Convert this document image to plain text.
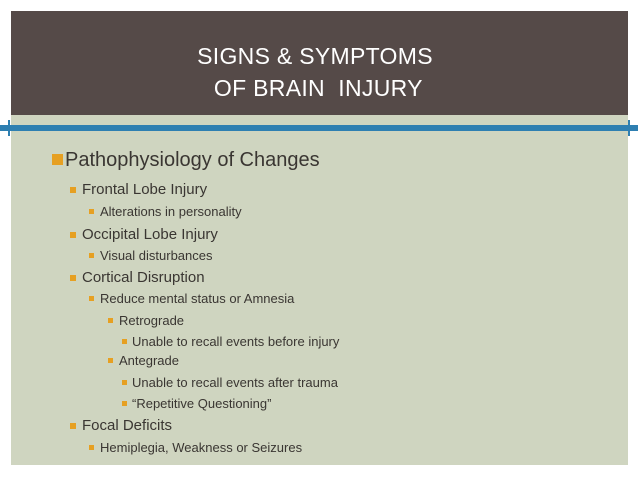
SIGNS & SYMPTOMS
OF BRAIN  INJURY
Pathophysiology of Changes
Frontal Lobe Injury
Alterations in personality
Occipital Lobe Injury
Visual disturbances
Cortical Disruption
Reduce mental status or Amnesia
Retrograde
Unable to recall events before injury
Antegrade
Unable to recall events after trauma
“Repetitive Questioning”
Focal Deficits
Hemiplegia, Weakness or Seizures
